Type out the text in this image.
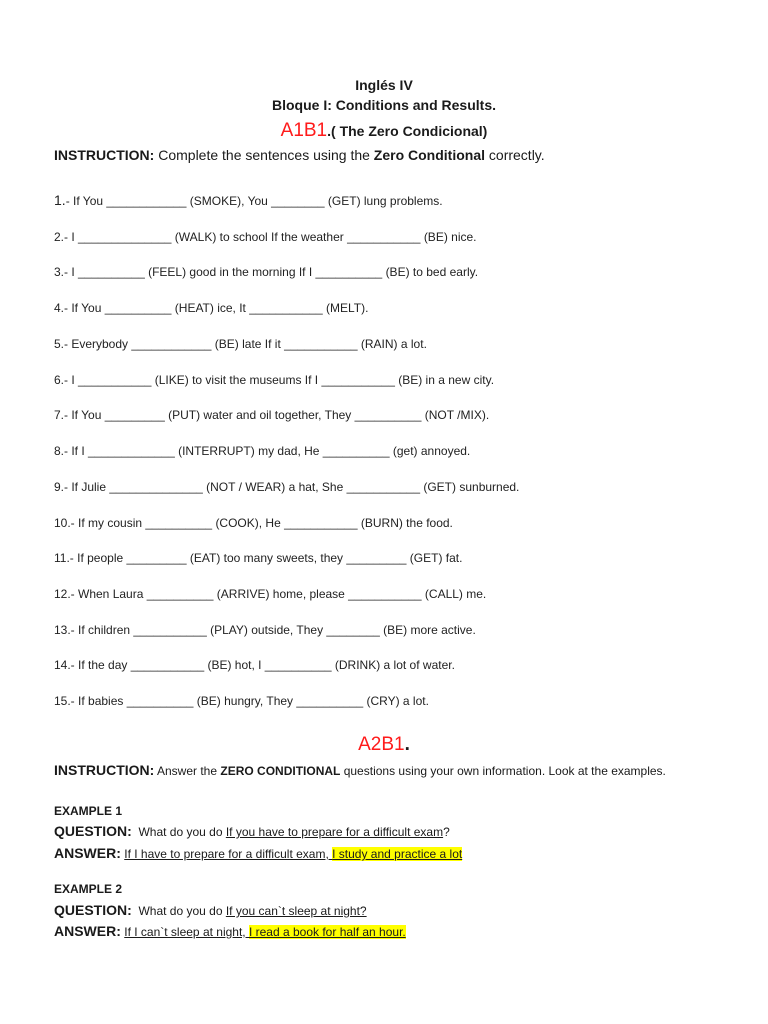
Inglés IV
Bloque I: Conditions and Results.
A1B1.( The Zero Condicional)
INSTRUCTION: Complete the sentences using the Zero Conditional correctly.
1.- If You ____________ (SMOKE), You ________ (GET) lung problems.
2.- I ______________ (WALK) to school If the weather ___________ (BE) nice.
3.- I __________ (FEEL) good in the morning If I __________ (BE) to bed early.
4.- If You __________ (HEAT) ice, It ___________ (MELT).
5.- Everybody ____________ (BE) late If it ___________ (RAIN) a lot.
6.- I ___________ (LIKE) to visit the museums If I ___________ (BE) in a new city.
7.- If You _________ (PUT) water and oil together, They __________ (NOT /MIX).
8.- If I _____________ (INTERRUPT) my dad, He __________ (get) annoyed.
9.- If Julie ______________ (NOT / WEAR) a hat, She ___________ (GET) sunburned.
10.- If my cousin __________ (COOK), He ___________ (BURN) the food.
11.- If people _________ (EAT) too many sweets, they _________ (GET) fat.
12.- When Laura __________ (ARRIVE) home, please ___________ (CALL) me.
13.- If children ___________ (PLAY) outside, They ________ (BE) more active.
14.- If the day ___________ (BE) hot, I __________ (DRINK) a lot of water.
15.- If babies __________ (BE) hungry, They __________ (CRY) a lot.
A2B1.
INSTRUCTION: Answer the ZERO CONDITIONAL questions using your own information. Look at the examples.
EXAMPLE 1
QUESTION:  What do you do If you have to prepare for a difficult exam?
ANSWER: If I have to prepare for a difficult exam, I study and practice a lot
EXAMPLE 2
QUESTION:  What do you do If you can`t sleep at night?
ANSWER: If I can`t sleep at night, I read a book for half an hour.
